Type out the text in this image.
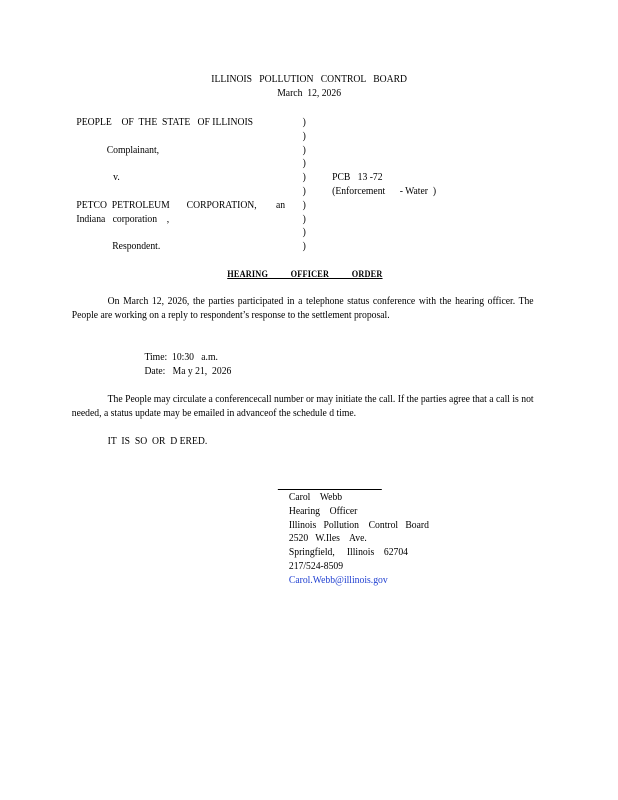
ILLINOIS   POLLUTION   CONTROL   BOARD
March  12, 2026
PEOPLE    OF  THE  STATE   OF ILLINOIS
Complainant,
v.
PETCO  PETROLEUM       CORPORATION,        an
Indiana   corporation    ,
Respondent.
)
)
)
)
)
)
)
)
)
)
PCB   13 -72
(Enforcement      - Water  )
HEARING          OFFICER          ORDER

On March 12, 2026, the parties participated in a telephone status conference with the hearing officer. The People are working on a reply to respondent’s response to the settlement proposal.

Time:  10:30   a.m.
Date:   Ma y 21,  2026

The People may circulate a conferencecall number or may initiate the call. If the parties agree that a call is not needed, a status update may be emailed in advanceof the schedule d time.

IT  IS  SO  OR  D ERED.
Carol    Webb
Hearing    Officer
Illinois   Pollution    Control   Board
2520   W.Iles    Ave.
Springfield,     Illinois    62704
217/524-8509
Carol.Webb@illinois.gov
